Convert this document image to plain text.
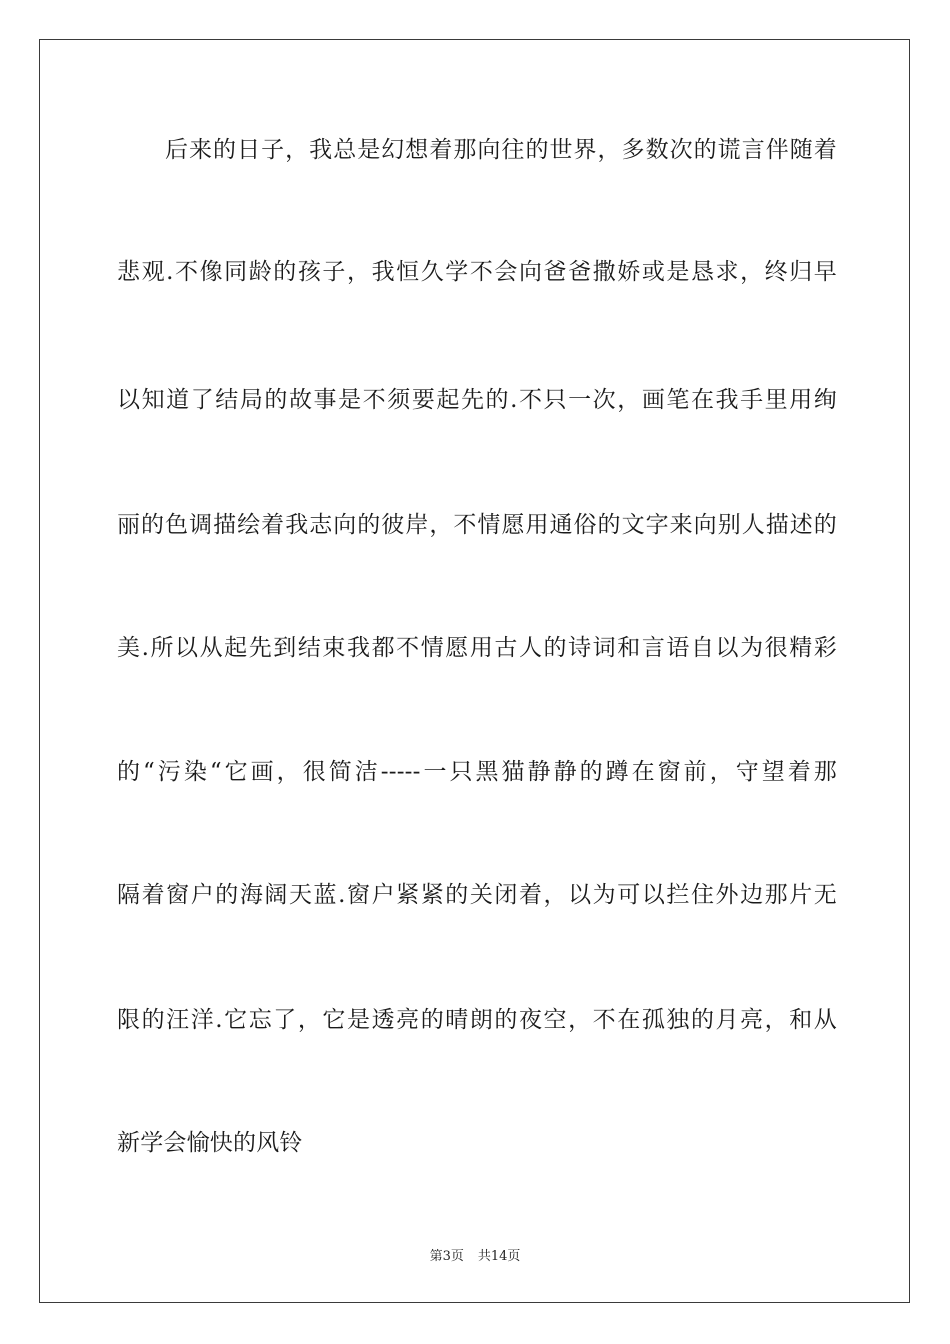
后来的日子，我总是幻想着那向往的世界，多数次的谎言伴随着
悲观.不像同龄的孩子，我恒久学不会向爸爸撒娇或是恳求，终归早
以知道了结局的故事是不须要起先的.不只一次，画笔在我手里用绚
丽的色调描绘着我志向的彼岸，不情愿用通俗的文字来向别人描述的
美.所以从起先到结束我都不情愿用古人的诗词和言语自以为很精彩
的“污染“它画，很简洁-----一只黑猫静静的蹲在窗前，守望着那
隔着窗户的海阔天蓝.窗户紧紧的关闭着，以为可以拦住外边那片无
限的汪洋.它忘了，它是透亮的晴朗的夜空，不在孤独的月亮，和从
新学会愉快的风铃
第3页 共14页
